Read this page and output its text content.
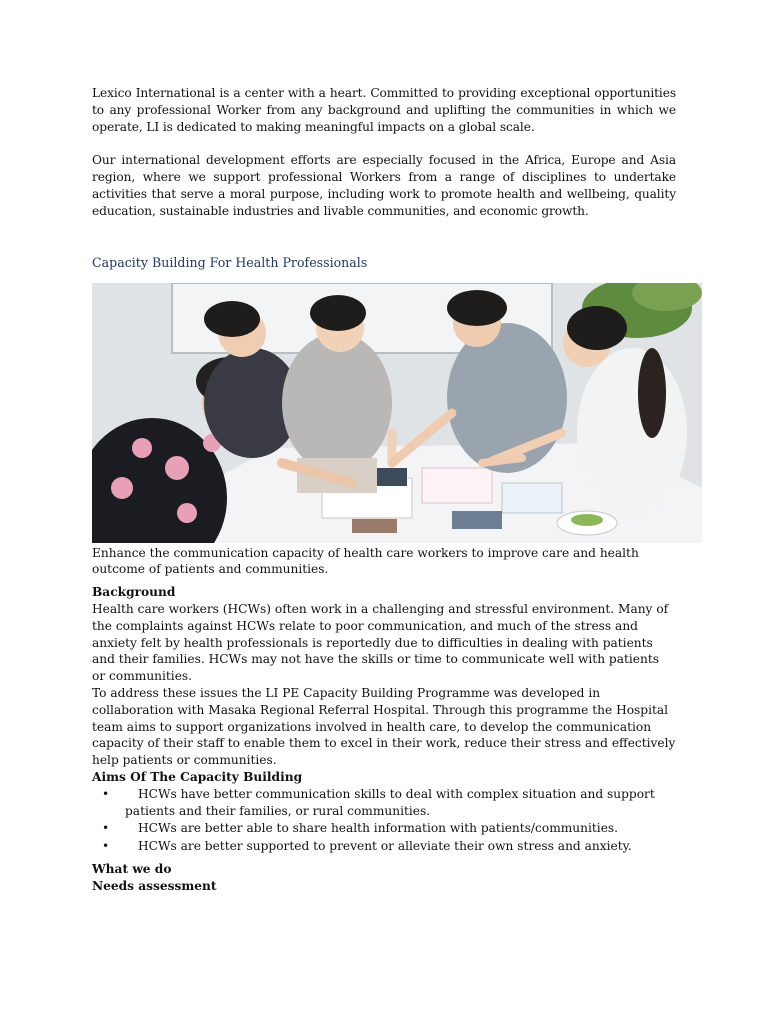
Lexico International is a center with a heart. Committed to providing exceptional opportunities to any professional Worker from any background and uplifting the communities in which we operate, LI is dedicated to making meaningful impacts on a global scale.

Our international development efforts are especially focused in the Africa, Europe and Asia region, where we support professional Workers from a range of disciplines to undertake activities that serve a moral purpose, including work to promote health and wellbeing, quality education, sustainable industries and livable communities, and economic growth.

Capacity Building For Health Professionals

Enhance the communication capacity of health care workers to improve care and health outcome of patients and communities.

Background

Health care workers (HCWs) often work in a challenging and stressful environment. Many of the complaints against HCWs relate to poor communication, and much of the stress and anxiety felt by health professionals is reportedly due to difficulties in dealing with patients and their families. HCWs may not have the skills or time to communicate well with patients or communities.

To address these issues the LI PE Capacity Building Programme was developed in collaboration with Masaka Regional Referral Hospital. Through this programme the Hospital team aims to support organizations involved in health care, to develop the communication capacity of their staff to enable them to excel in their work, reduce their stress and effectively help patients or communities.

Aims Of The Capacity Building

• HCWs have better communication skills to deal with complex situation and support patients and their families, or rural communities.
• HCWs are better able to share health information with patients/communities.
• HCWs are better supported to prevent or alleviate their own stress and anxiety.

What we do

Needs assessment
